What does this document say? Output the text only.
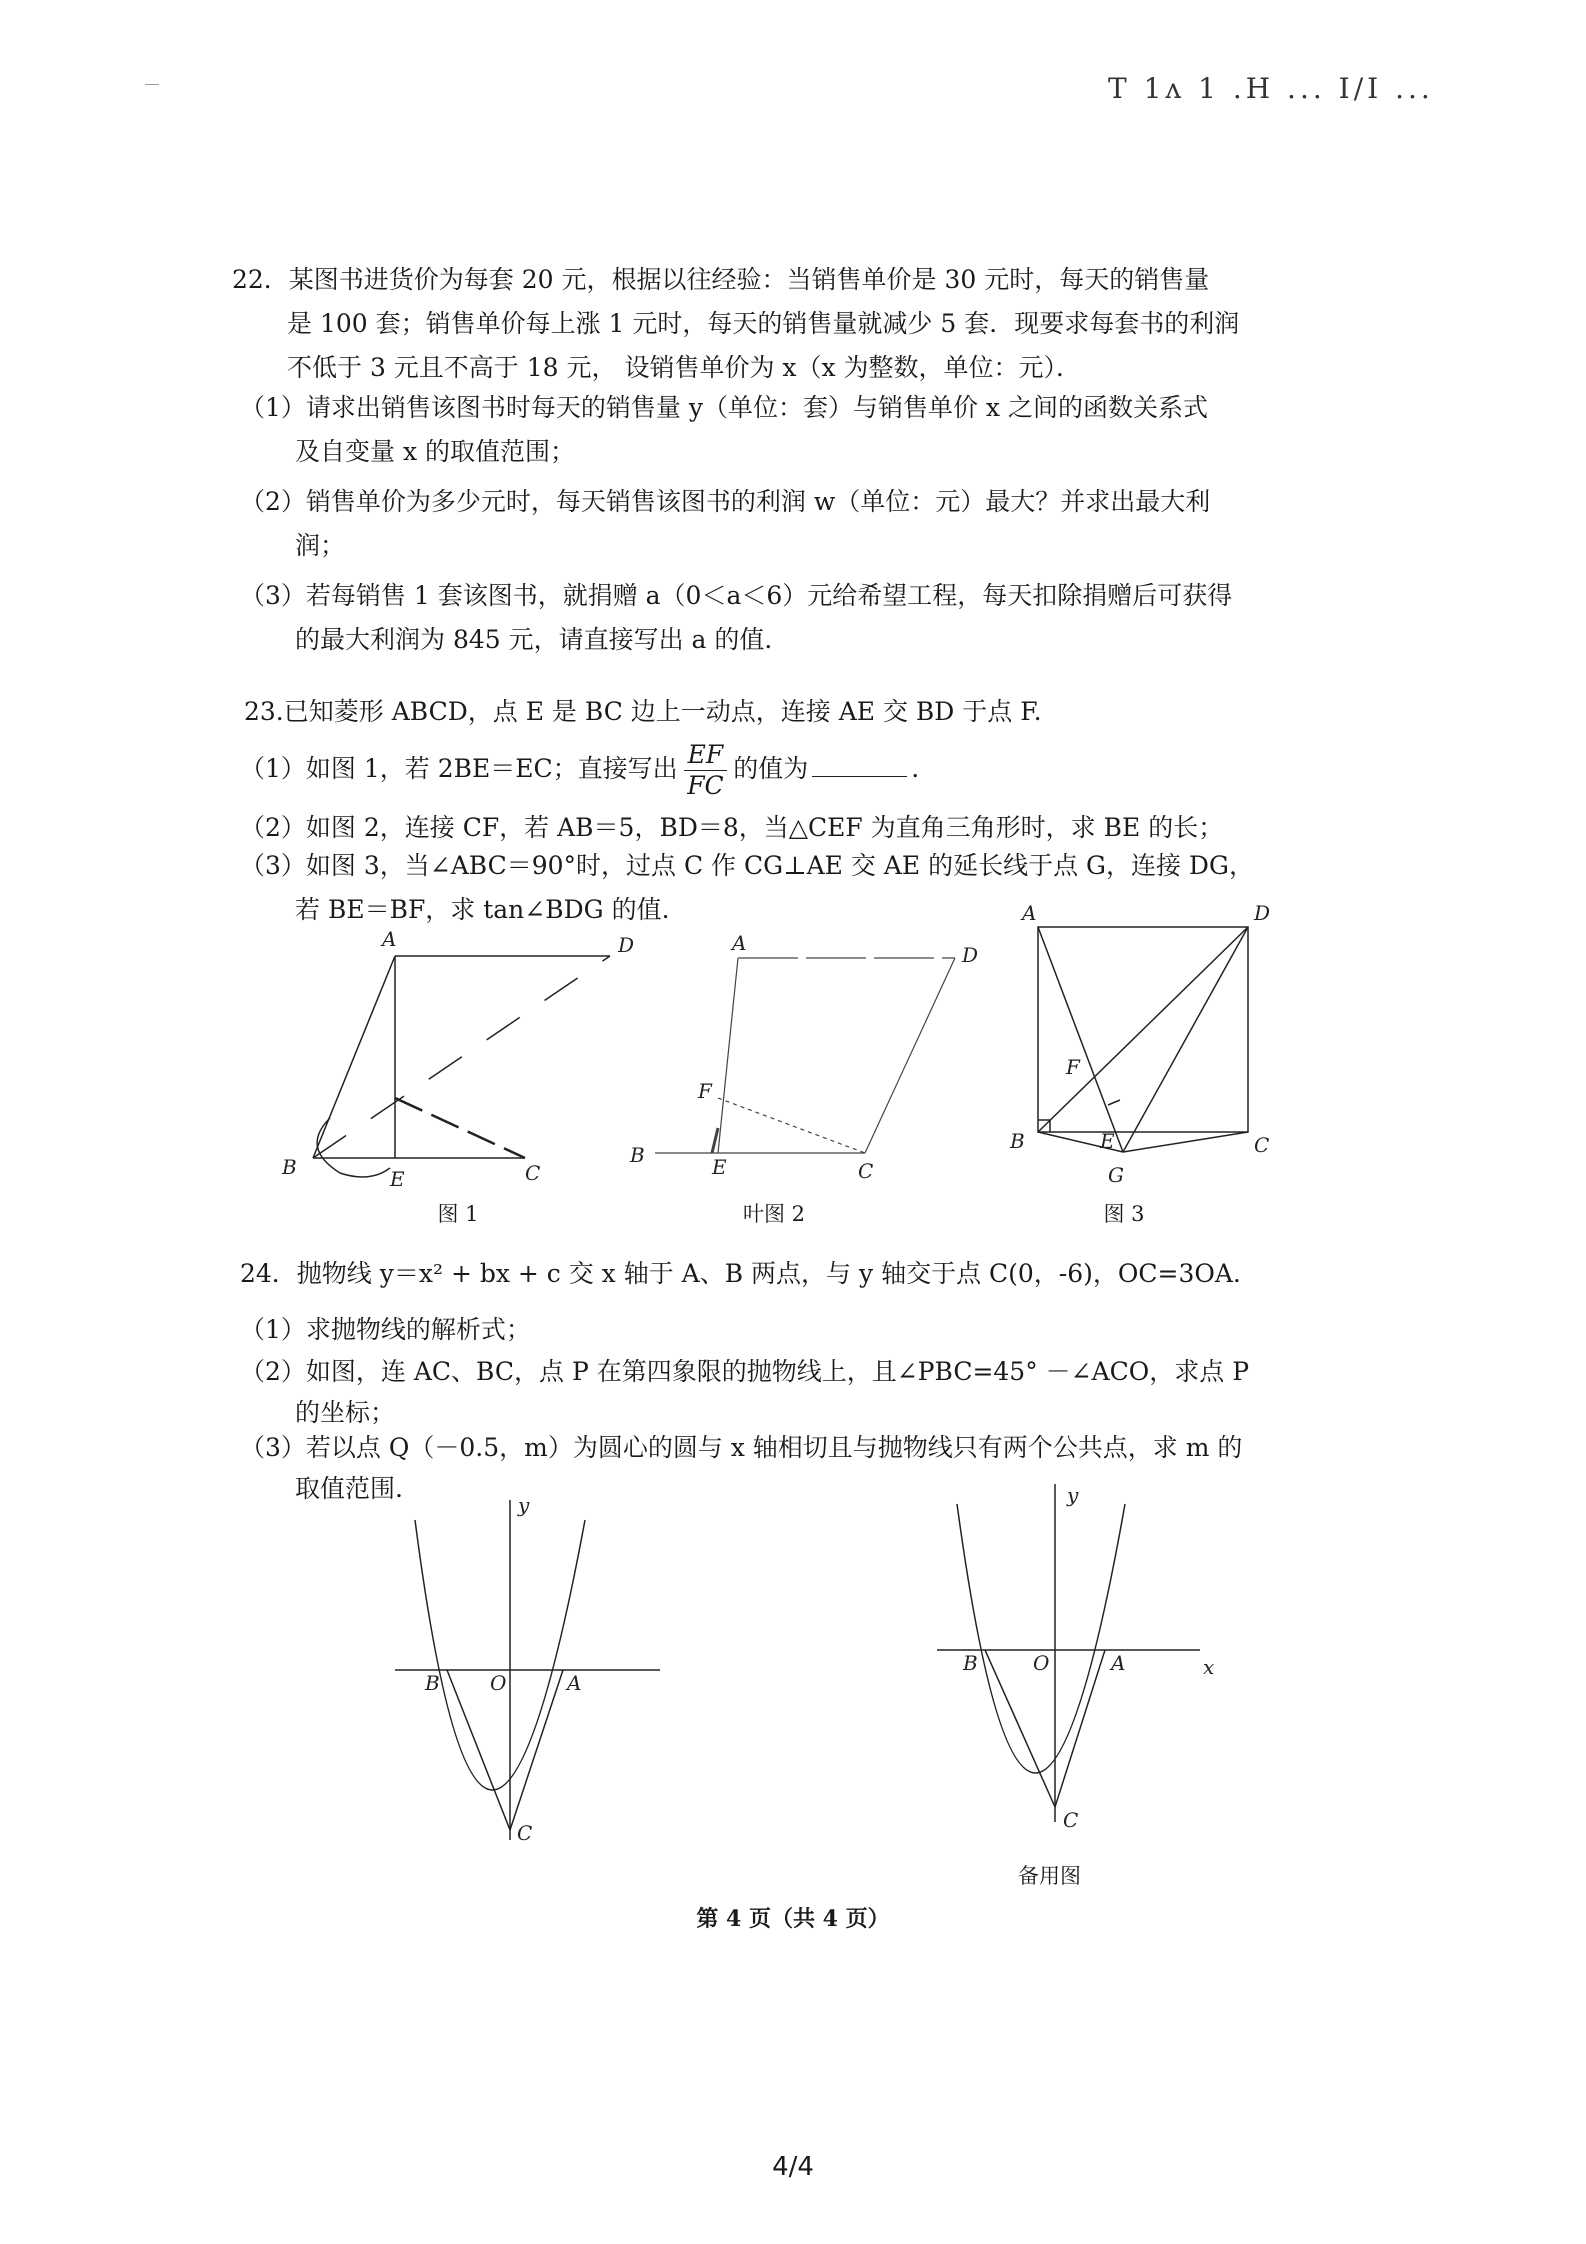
T 1ᴧ 1 .Н ... I/I ...

22．某图书进货价为每套 20 元，根据以往经验：当销售单价是 30 元时，每天的销售量

是 100 套；销售单价每上涨 1 元时，每天的销售量就减少 5 套．现要求每套书的利润

不低于 3 元且不高于 18 元， 设销售单价为 x（x 为整数，单位：元）．

（1）请求出销售该图书时每天的销售量 y（单位：套）与销售单价 x 之间的函数关系式
及自变量 x 的取值范围；
（2）销售单价为多少元时，每天销售该图书的利润 w（单位：元）最大？并求出最大利
润；
（3）若每销售 1 套该图书，就捐赠 a（0＜a＜6）元给希望工程，每天扣除捐赠后可获得
的最大利润为 845 元，请直接写出 a 的值．

23.已知菱形 ABCD，点 E 是 BC 边上一动点，连接 AE 交 BD 于点 F.

（1）如图 1，若 2BE＝EC；直接写出 $\frac{EF}{FC}$ 的值为	.
（2）如图 2，连接 CF，若 AB＝5，BD＝8，当△CEF 为直角三角形时，求 BE 的长；
（3）如图 3，当∠ABC＝90°时，过点 C 作 CG⊥AE 交 AE 的延长线于点 G，连接 DG，
若 BE＝BF，求 tan∠BDG 的值.
A	D
B	E	C
图 1
A	D
F
B	E	C
叶图 2
A	D
F
B	E	C
G
图 3

24．抛物线 y＝x² + bx + c 交 x 轴于 A、B 两点，与 y 轴交于点 C(0，-6)，OC=3OA.

（1）求抛物线的解析式；
（2）如图，连 AC、BC，点 P 在第四象限的抛物线上，且∠PBC=45° －∠ACO，求点 P
的坐标；
（3）若以点 Q（－0.5，m）为圆心的圆与 x 轴相切且与抛物线只有两个公共点，求 m 的
取值范围.
y
B	O	A
C
y
x
B	O	A
C
备用图
第 4 页（共 4 页）
4/4
